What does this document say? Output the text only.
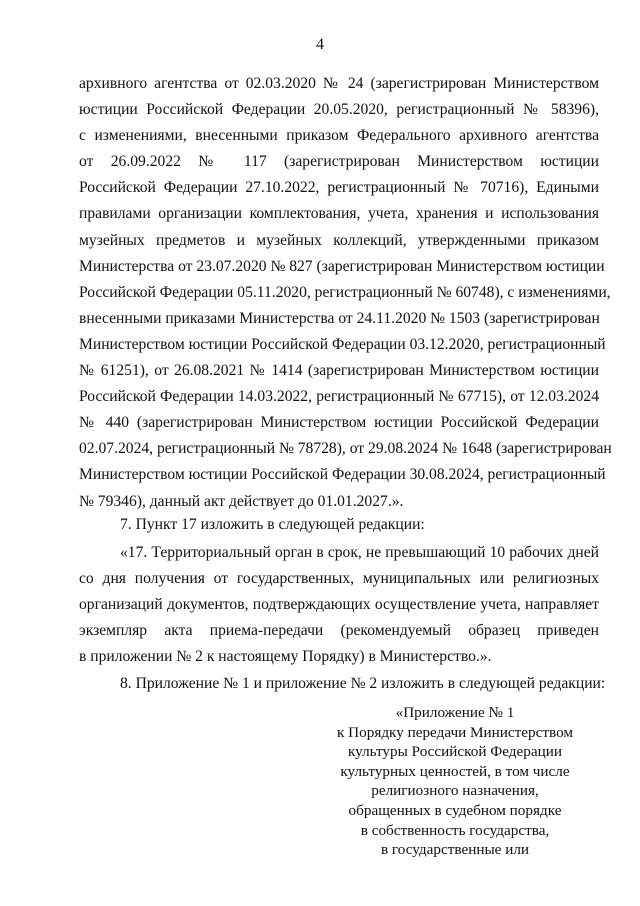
4
архивного агентства от 02.03.2020 № 24 (зарегистрирован Министерством
юстиции Российской Федерации 20.05.2020, регистрационный № 58396),
с изменениями, внесенными приказом Федерального архивного агентства
от 26.09.2022 № 117 (зарегистрирован Министерством юстиции
Российской Федерации 27.10.2022, регистрационный № 70716), Едиными
правилами организации комплектования, учета, хранения и использования
музейных предметов и музейных коллекций, утвержденными приказом
Министерства от 23.07.2020 № 827 (зарегистрирован Министерством юстиции
Российской Федерации 05.11.2020, регистрационный № 60748), с изменениями,
внесенными приказами Министерства от 24.11.2020 № 1503 (зарегистрирован
Министерством юстиции Российской Федерации 03.12.2020, регистрационный
№ 61251), от 26.08.2021 № 1414 (зарегистрирован Министерством юстиции
Российской Федерации 14.03.2022, регистрационный № 67715), от 12.03.2024
№ 440 (зарегистрирован Министерством юстиции Российской Федерации
02.07.2024, регистрационный № 78728), от 29.08.2024 № 1648 (зарегистрирован
Министерством юстиции Российской Федерации 30.08.2024, регистрационный
№ 79346), данный акт действует до 01.01.2027.».
7. Пункт 17 изложить в следующей редакции:
«17. Территориальный орган в срок, не превышающий 10 рабочих дней
со дня получения от государственных, муниципальных или религиозных
организаций документов, подтверждающих осуществление учета, направляет
экземпляр акта приема-передачи (рекомендуемый образец приведен
в приложении № 2 к настоящему Порядку) в Министерство.».
8. Приложение № 1 и приложение № 2 изложить в следующей редакции:
«Приложение № 1
к Порядку передачи Министерством
культуры Российской Федерации
культурных ценностей, в том числе
религиозного назначения,
обращенных в судебном порядке
в собственность государства,
в государственные или
